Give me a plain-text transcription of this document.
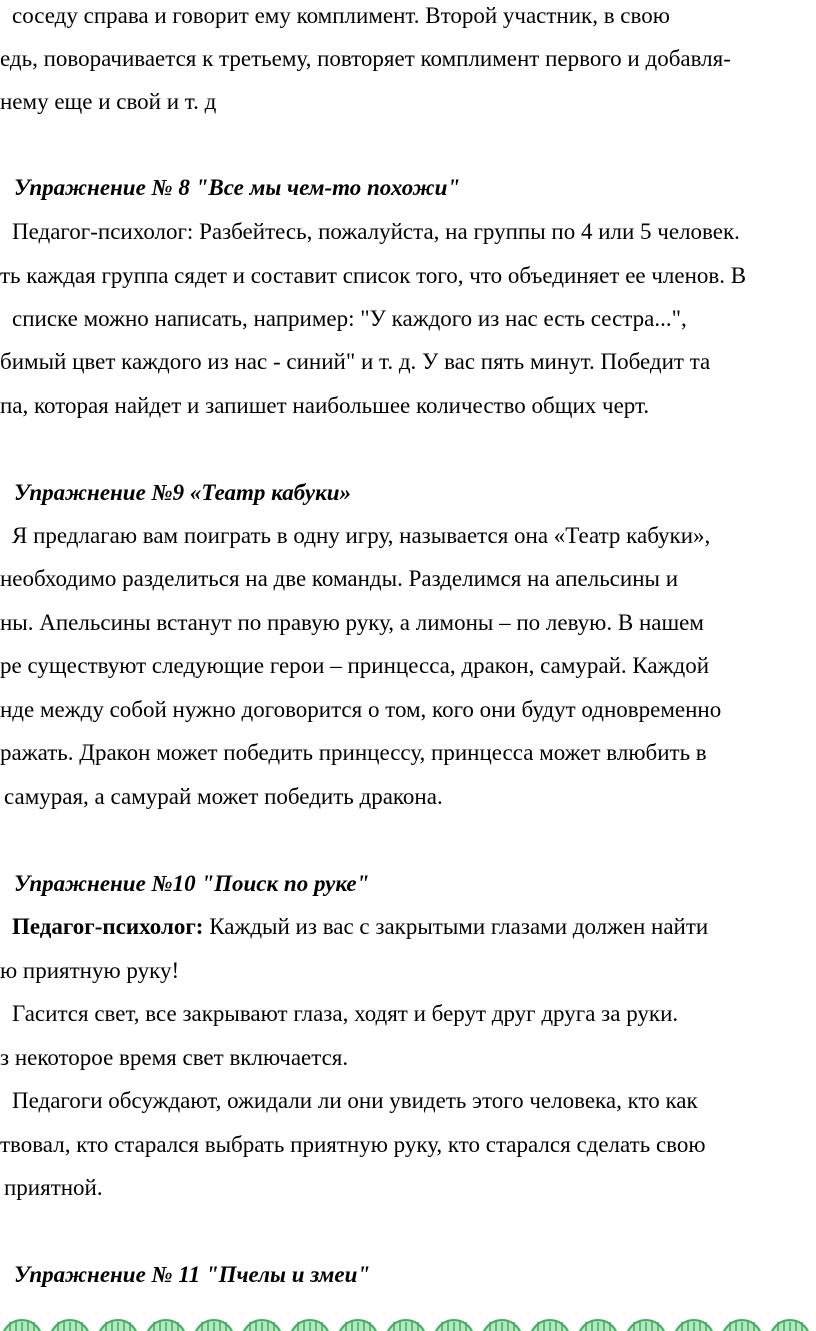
соседу справа и говорит ему комплимент. Второй участник, в свою
едь, поворачивается к третьему, повторяет комплимент первого и добавля-
нему еще и свой и т. д
Упражнение № 8 "Все мы чем-то похожи"
Педагог-психолог: Разбейтесь, пожалуйста, на группы по 4 или 5 человек.
ть каждая группа сядет и составит список того, что объединяет ее членов. В
списке можно написать, например: "У каждого из нас есть сестра...",
бимый цвет каждого из нас - синий" и т. д. У вас пять минут. Победит та
па, которая найдет и запишет наибольшее количество общих черт.
Упражнение №9 «Театр кабуки»
Я предлагаю вам поиграть в одну игру, называется она «Театр кабуки»,
необходимо разделиться на две команды. Разделимся на апельсины и
ны. Апельсины встанут по правую руку, а лимоны – по левую. В нашем
ре существуют следующие герои – принцесса, дракон, самурай. Каждой
нде между собой нужно договорится о том, кого они будут одновременно
ражать. Дракон может победить принцессу, принцесса может влюбить в
самурая, а самурай может победить дракона.
Упражнение №10 "Поиск по руке"
Педагог-психолог: Каждый из вас с закрытыми глазами должен найти
ю приятную руку!
Гасится свет, все закрывают глаза, ходят и берут друг друга за руки.
з некоторое время свет включается.
Педагоги обсуждают, ожидали ли они увидеть этого человека, кто как
твовал, кто старался выбрать приятную руку, кто старался сделать свою
приятной.
Упражнение № 11 "Пчелы и змеи"
